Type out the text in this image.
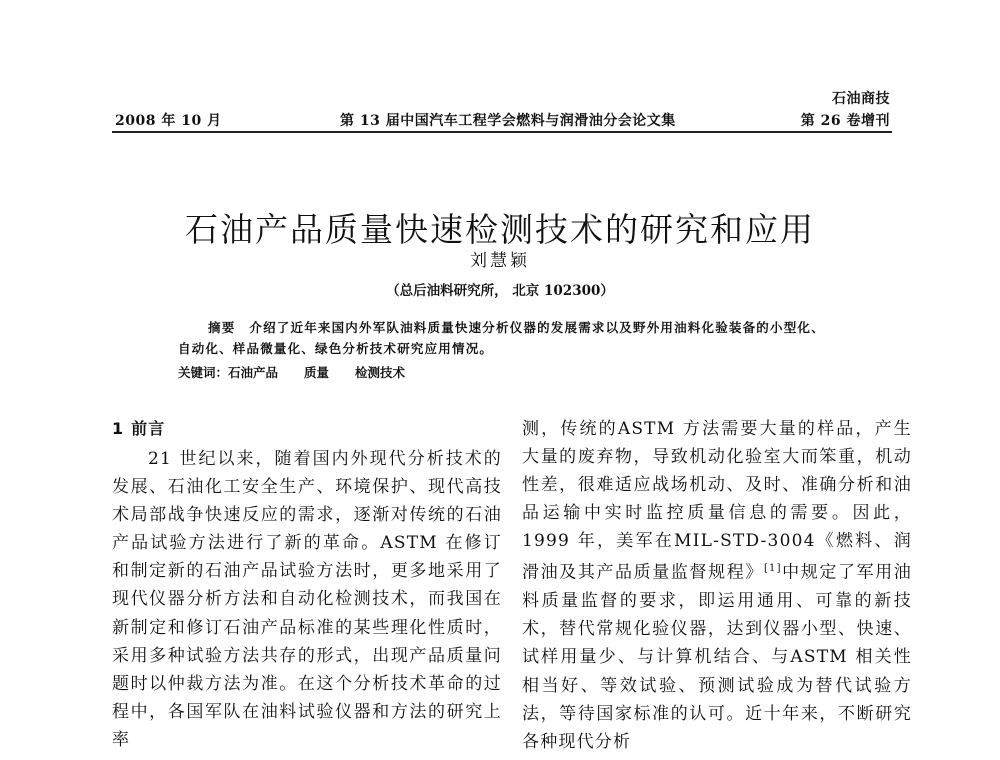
2008 年 10 月	第 13 届中国汽车工程学会燃料与润滑油分会论文集
石油商技
第 26 卷增刊
石油产品质量快速检测技术的研究和应用
刘慧颖
（总后油料研究所， 北京 102300）
摘要 介绍了近年来国内外军队油料质量快速分析仪器的发展需求以及野外用油料化验装备的小型化、自动化、样品微量化、绿色分析技术研究应用情况。
关键词：石油产品 质量 检测技术
1 前言

21 世纪以来，随着国内外现代分析技术的发展、石油化工安全生产、环境保护、现代高技术局部战争快速反应的需求，逐渐对传统的石油产品试验方法进行了新的革命。ASTM 在修订和制定新的石油产品试验方法时，更多地采用了现代仪器分析方法和自动化检测技术，而我国在新制定和修订石油产品标准的某些理化性质时，采用多种试验方法共存的形式，出现产品质量问题时以仲裁方法为准。在这个分析技术革命的过程中，各国军队在油料试验仪器和方法的研究上率

测，传统的ASTM 方法需要大量的样品，产生大量的废弃物，导致机动化验室大而笨重，机动性差，很难适应战场机动、及时、准确分析和油品运输中实时监控质量信息的需要。因此，1999 年，美军在MIL-STD-3004《燃料、润滑油及其产品质量监督规程》[1]中规定了军用油料质量监督的要求，即运用通用、可靠的新技术，替代常规化验仪器，达到仪器小型、快速、试样用量少、与计算机结合、与ASTM 相关性相当好、等效试验、预测试验成为替代试验方法，等待国家标准的认可。近十年来，不断研究各种现代分析
